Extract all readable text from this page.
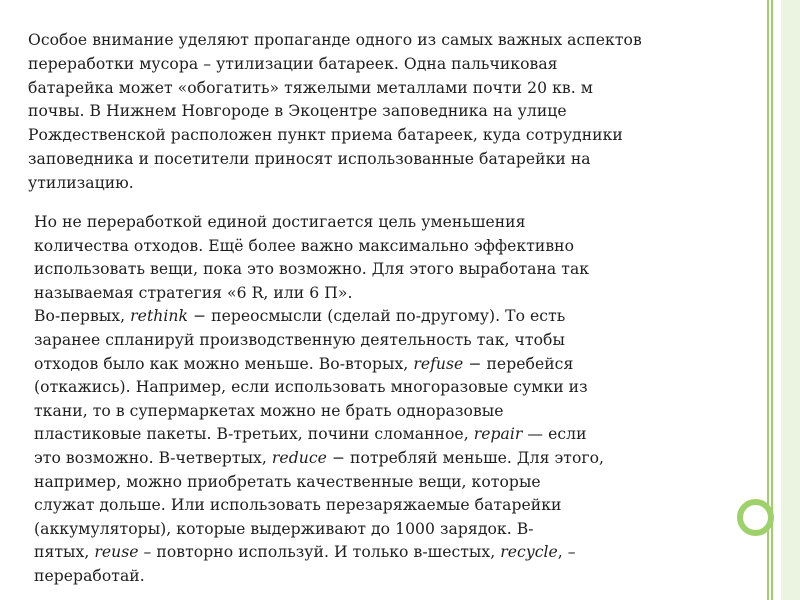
Особое внимание уделяют пропаганде одного из самых важных аспектов
переработки мусора – утилизации батареек. Одна пальчиковая
батарейка может «обогатить» тяжелыми металлами почти 20 кв. м
почвы. В Нижнем Новгороде в Экоцентре заповедника на улице
Рождественской расположен пункт приема батареек, куда сотрудники
заповедника и посетители приносят использованные батарейки на
утилизацию.
Но не переработкой единой достигается цель уменьшения
количества отходов. Ещё более важно максимально эффективно
использовать вещи, пока это возможно. Для этого выработана так
называемая стратегия «6 R, или 6 П».
Во-первых, rethink − переосмысли (сделай по-другому). То есть
заранее спланируй производственную деятельность так, чтобы
отходов было как можно меньше. Во-вторых, refuse − перебейся
(откажись). Например, если использовать многоразовые сумки из
ткани, то в супермаркетах можно не брать одноразовые
пластиковые пакеты. В-третьих, почини сломанное, repair — если
это возможно. В-четвертых, reduce − потребляй меньше. Для этого,
например, можно приобретать качественные вещи, которые
служат дольше. Или использовать перезаряжаемые батарейки
(аккумуляторы), которые выдерживают до 1000 зарядок. В-
пятых, reuse – повторно используй. И только в-шестых, recycle, –
переработай.
